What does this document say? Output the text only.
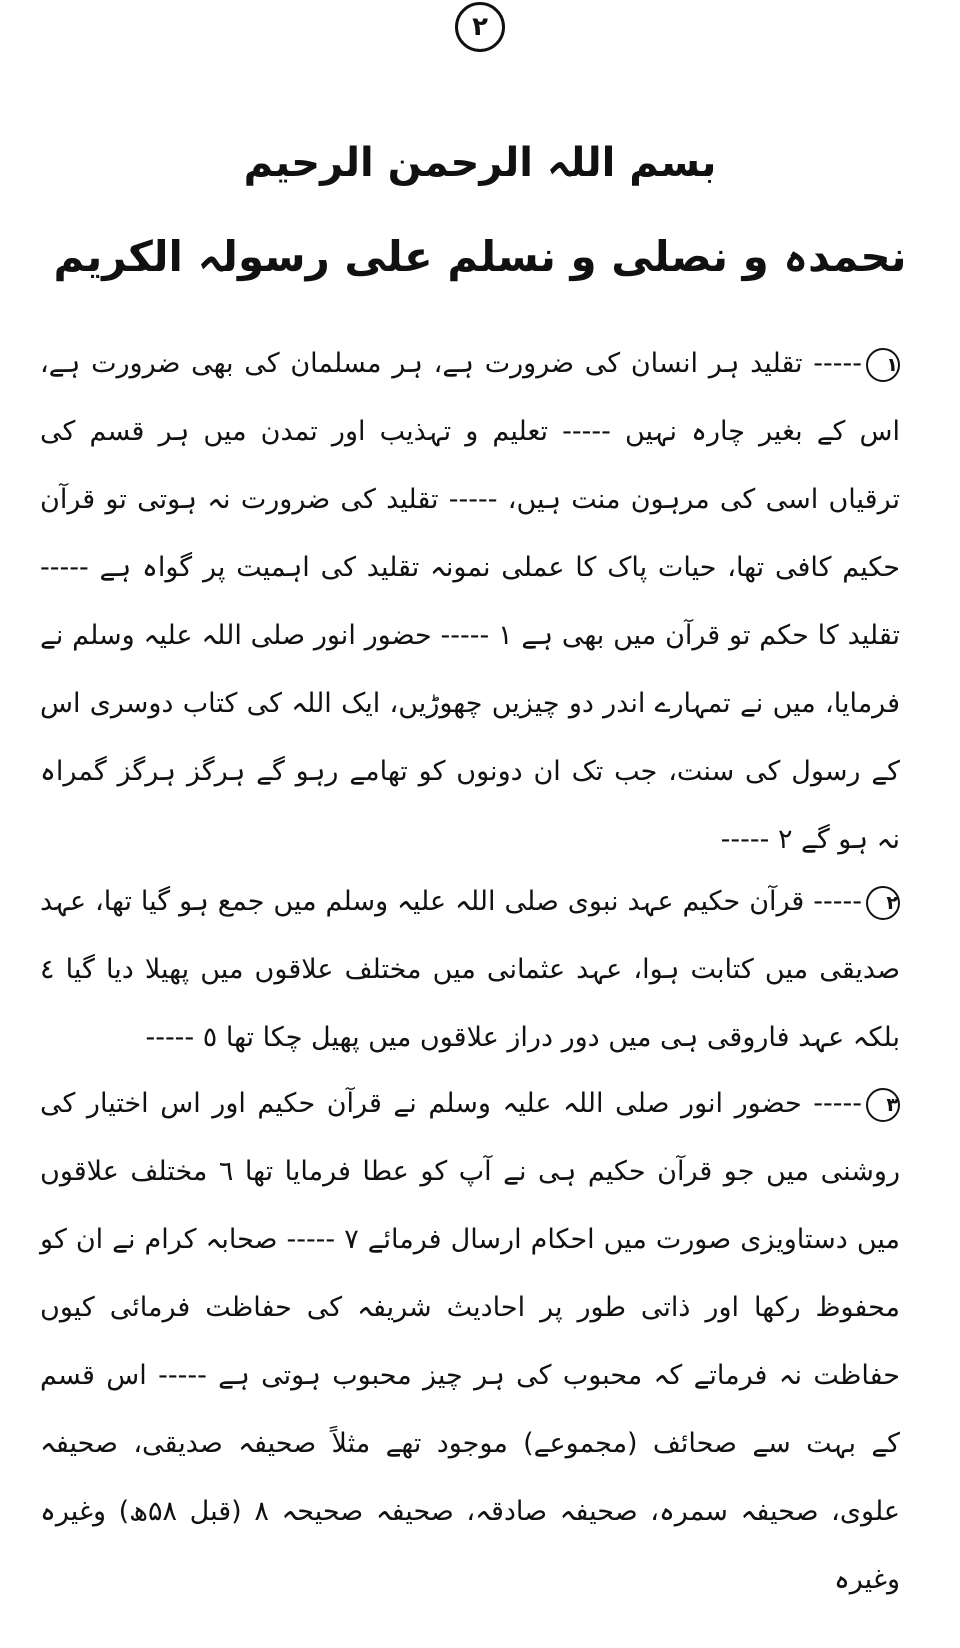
۲
بسم اللہ الرحمن الرحیم
نحمدہ و نصلی و نسلم علی رسولہ الکریم
۱----- تقلید ہر انسان کی ضرورت ہے، ہر مسلمان کی بھی ضرورت ہے، اس کے بغیر چارہ نہیں ----- تعلیم و تہذیب اور تمدن میں ہر قسم کی ترقیاں اسی کی مرہون منت ہیں، ----- تقلید کی ضرورت نہ ہوتی تو قرآن حکیم کافی تھا، حیات پاک کا عملی نمونہ تقلید کی اہمیت پر گواہ ہے ----- تقلید کا حکم تو قرآن میں بھی ہے ١ ----- حضور انور صلی اللہ علیہ وسلم نے فرمایا، میں نے تمہارے اندر دو چیزیں چھوڑیں، ایک اللہ کی کتاب دوسری اس کے رسول کی سنت، جب تک ان دونوں کو تھامے رہو گے ہرگز ہرگز گمراہ نہ ہو گے ٢ -----
۲----- قرآن حکیم عہد نبوی صلی اللہ علیہ وسلم میں جمع ہو گیا تھا، عہد صدیقی میں کتابت ہوا، عہد عثمانی میں مختلف علاقوں میں پھیلا دیا گیا ٤ بلکہ عہد فاروقی ہی میں دور دراز علاقوں میں پھیل چکا تھا ٥ -----
۳----- حضور انور صلی اللہ علیہ وسلم نے قرآن حکیم اور اس اختیار کی روشنی میں جو قرآن حکیم ہی نے آپ کو عطا فرمایا تھا ٦ مختلف علاقوں میں دستاویزی صورت میں احکام ارسال فرمائے ٧ ----- صحابہ کرام نے ان کو محفوظ رکھا اور ذاتی طور پر احادیث شریفہ کی حفاظت فرمائی کیوں حفاظت نہ فرماتے کہ محبوب کی ہر چیز محبوب ہوتی ہے ----- اس قسم کے بہت سے صحائف (مجموعے) موجود تھے مثلاً صحیفہ صدیقی، صحیفہ علوی، صحیفہ سمرہ، صحیفہ صادقہ، صحیفہ صحیحہ ٨ (قبل ۵۸ھ) وغیرہ وغیرہ
